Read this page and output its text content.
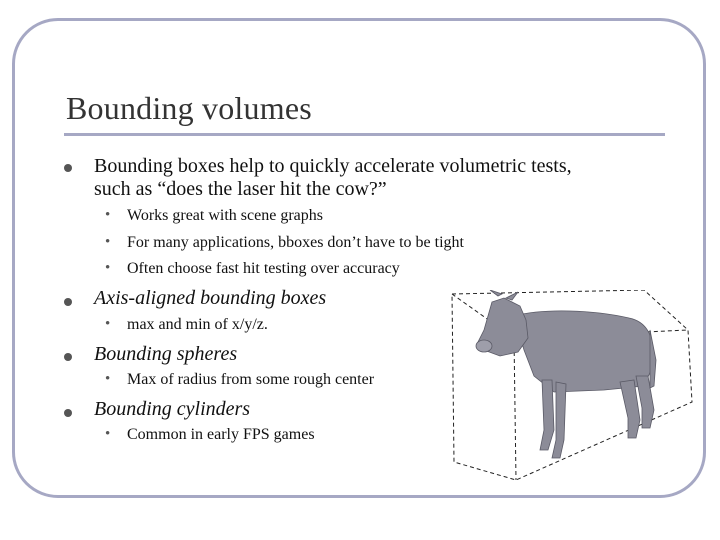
Bounding volumes
Bounding boxes help to quickly accelerate volumetric tests,
such as “does the laser hit the cow?”
• Works great with scene graphs
• For many applications, bboxes don’t have to be tight
• Often choose fast hit testing over accuracy
Axis-aligned bounding boxes
• max and min of x/y/z.
Bounding spheres
• Max of radius from some rough center
Bounding cylinders
• Common in early FPS games
